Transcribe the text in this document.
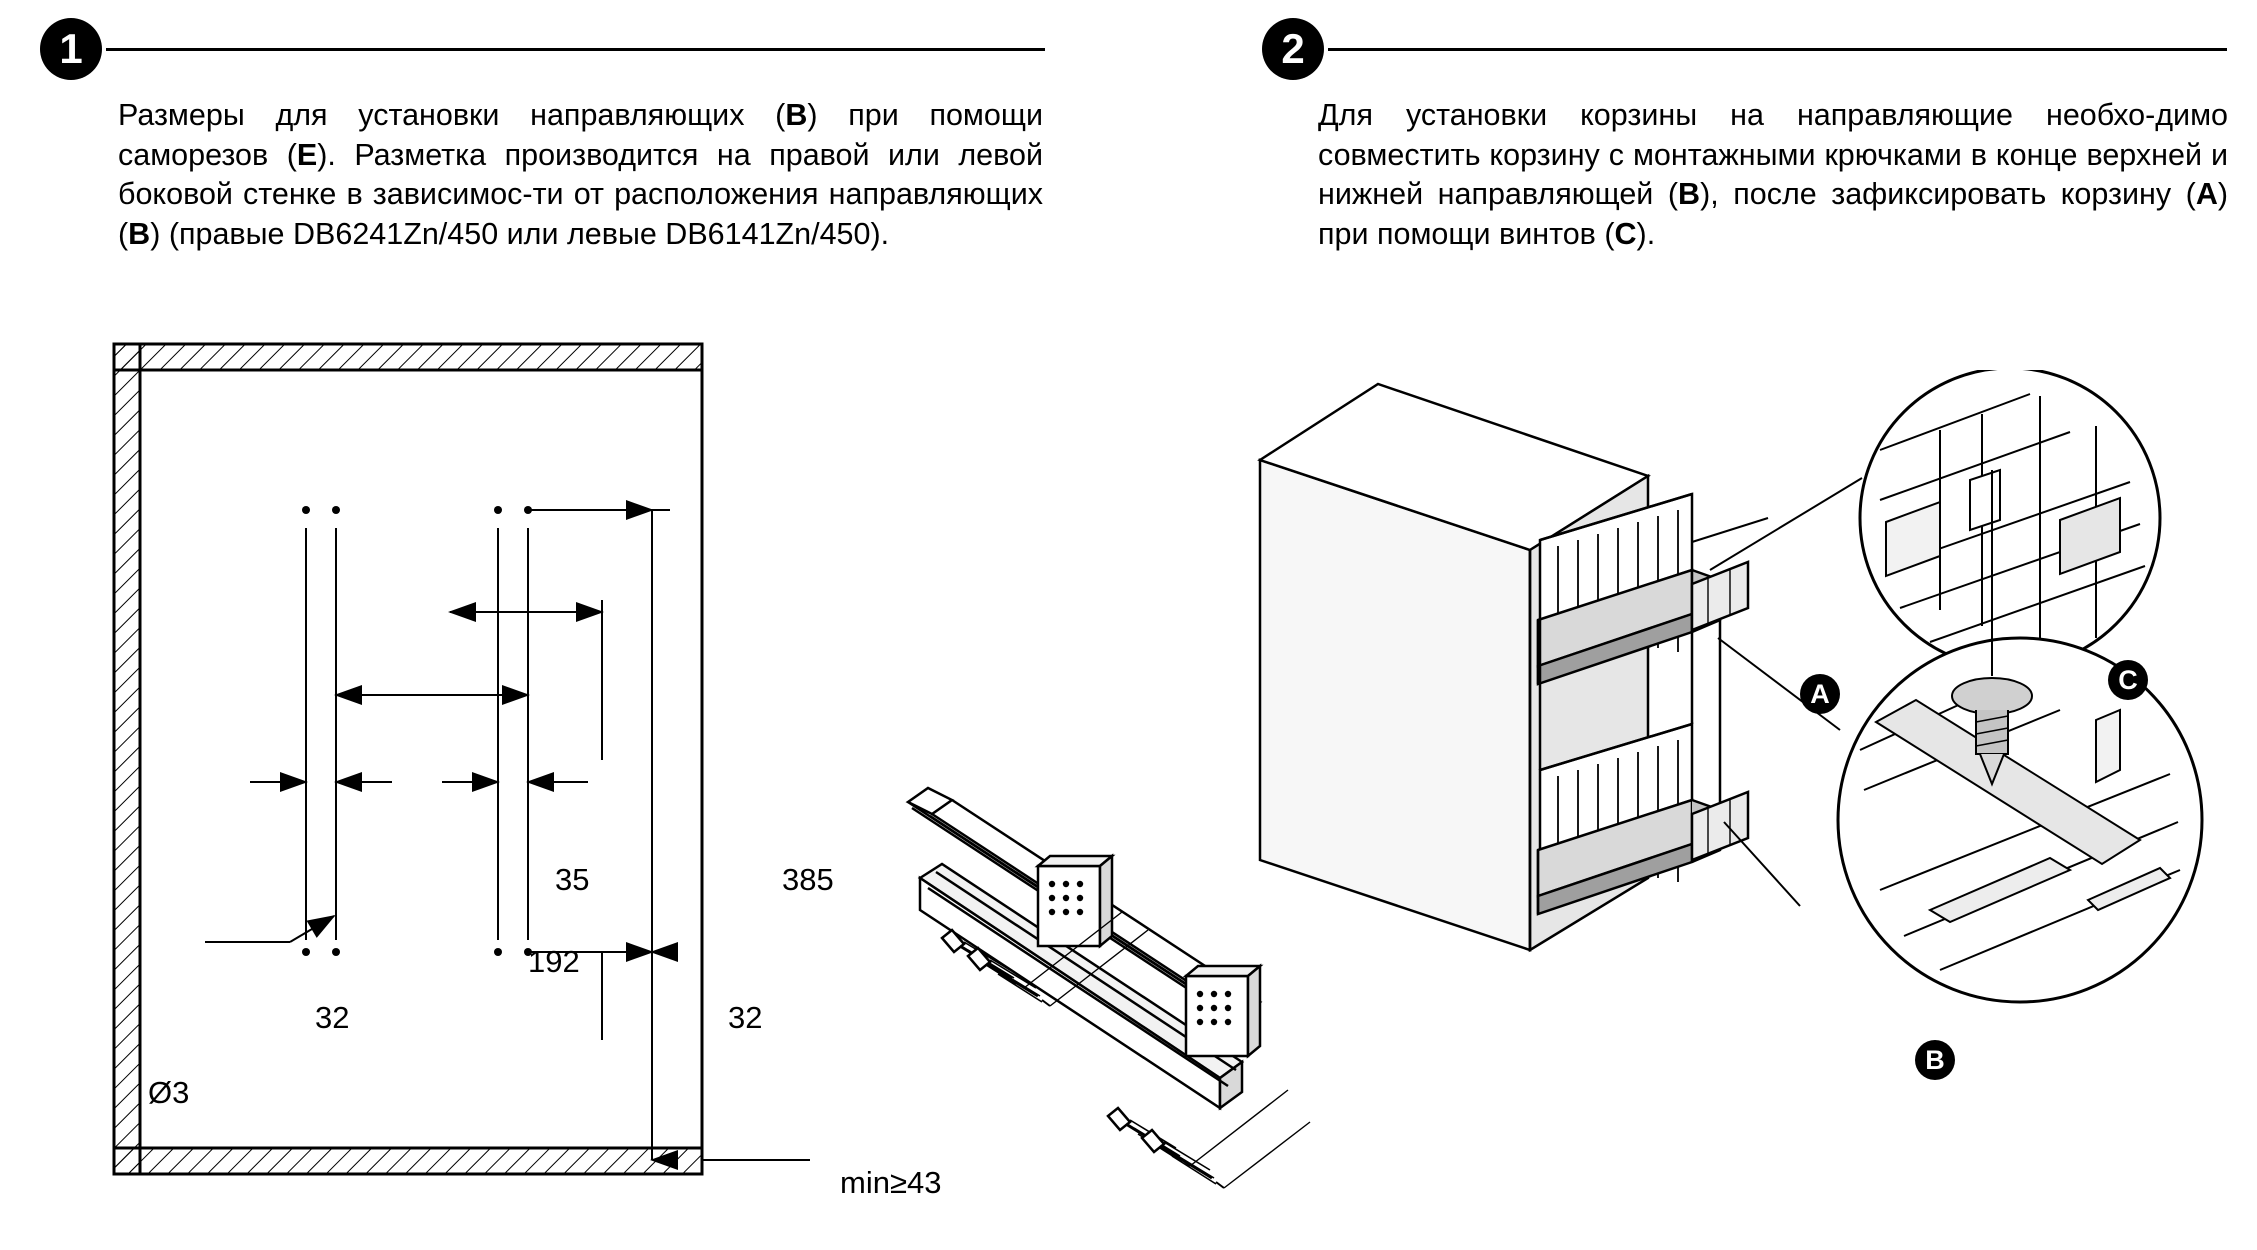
1
Размеры для установки направляющих (B) при помощи саморезов (E). Разметка производится на правой или левой боковой стенке в зависимос-ти от расположения направляющих (B) (правые DB6241Zn/450 или левые DB6141Zn/450).
2
Для установки корзины на направляющие необхо-димо совместить корзину с монтажными крючками в конце верхней и нижней направляющей (B), после зафиксировать корзину (A) при помощи винтов (C).
35	385
192
32	32
Ø3
min≥43
A
B
C
